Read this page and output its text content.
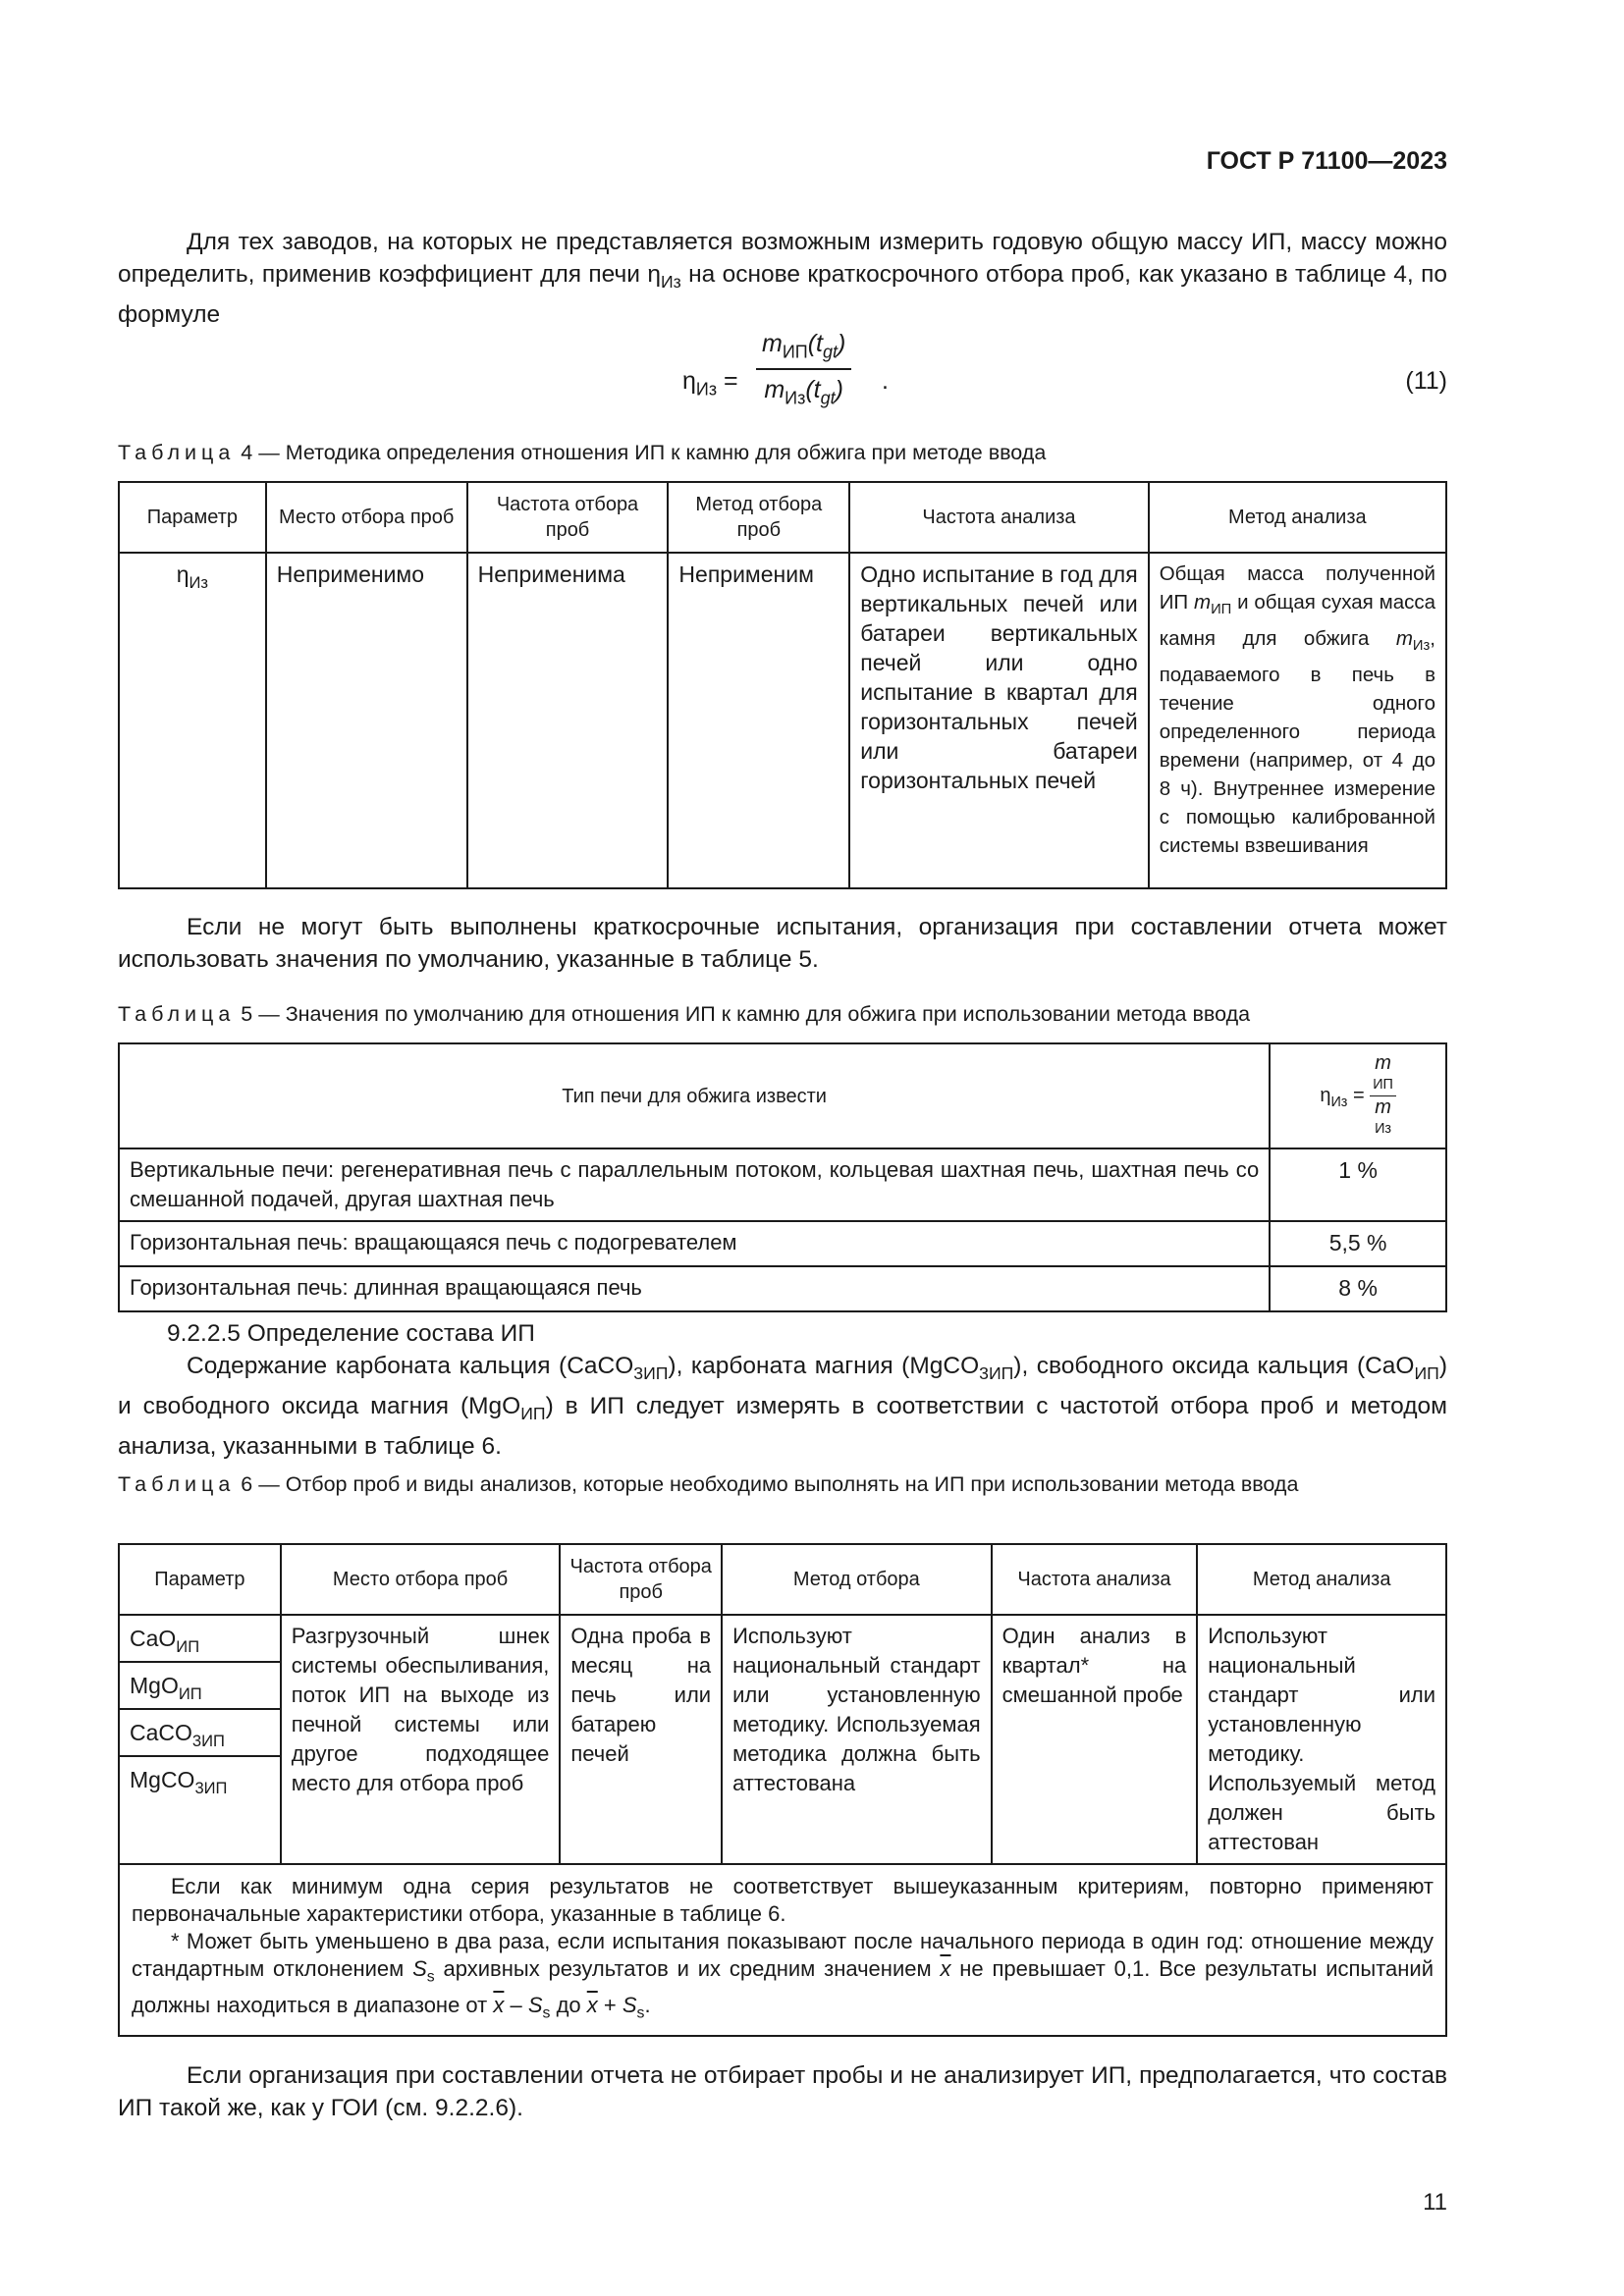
ГОСТ Р 71100—2023

Для тех заводов, на которых не представляется возможным измерить годовую общую массу ИП, массу можно определить, применив коэффициент для печи $\eta_{Из}$ на основе краткосрочного отбора проб, как указано в таблице 4, по формуле

$\eta_{Из}$ =
$m_{ИП}(t_{gt})$
$m_{Из}(t_{gt})$	.	(11)

Таблица 4 — Методика определения отношения ИП к камню для обжига при методе ввода

Параметр	Место отбора проб	Частота отбора проб	Метод отбора проб	Частота анализа	Метод анализа
$\eta_{Из}$	Неприменимо	Неприменима	Неприменим	Одно испытание в год для вертикальных печей или батареи вертикальных печей или одно испытание в квартал для горизонтальных печей или батареи горизонтальных печей	Общая масса полученной ИП $m_{ИП}$ и общая сухая масса камня для обжига $m_{Из}$, подаваемого в печь в течение одного определенного периода времени (например, от 4 до 8 ч). Внутреннее измерение с помощью калиброванной системы взвешивания

Если не могут быть выполнены краткосрочные испытания, организация при составлении отчета может использовать значения по умолчанию, указанные в таблице 5.

Таблица 5 — Значения по умолчанию для отношения ИП к камню для обжига при использовании метода ввода

Тип печи для обжига извести	$\eta_{Из}$ =
m
ИП
m
Из

Вертикальные печи: регенеративная печь с параллельным потоком, кольцевая шахтная печь, шахтная печь со смешанной подачей, другая шахтная печь	1 %
Горизонтальная печь: вращающаяся печь с подогревателем	5,5 %
Горизонтальная печь: длинная вращающаяся печь	8 %

9.2.2.5 Определение состава ИП

Содержание карбоната кальция (CaCO$_{3ИП}$), карбоната магния (MgCO$_{3ИП}$), свободного оксида кальция (CaO$_{ИП}$) и свободного оксида магния (MgO$_{ИП}$) в ИП следует измерять в соответствии с частотой отбора проб и методом анализа, указанными в таблице 6.

Таблица 6 — Отбор проб и виды анализов, которые необходимо выполнять на ИП при использовании метода ввода

Параметр	Место отбора проб	Частота отбора проб	Метод отбора	Частота анализа	Метод анализа

CaO$_{ИП}$
MgO$_{ИП}$
CaCO$_{3ИП}$
MgCO$_{3ИП}$	Разгрузочный шнек системы обеспыливания, поток ИП на выходе из печной системы или другое подходящее место для отбора проб	Одна проба в месяц на печь или батарею печей	Используют национальный стандарт или установленную методику. Используемая методика должна быть аттестована	Один анализ в квартал* на смешанной пробе	Используют национальный стандарт или установленную методику. Используемый метод должен быть аттестован

Если как минимум одна серия результатов не соответствует вышеуказанным критериям, повторно применяют первоначальные характеристики отбора, указанные в таблице 6.

* Может быть уменьшено в два раза, если испытания показывают после начального периода в один год: отношение между стандартным отклонением $S_s$ архивных результатов и их средним значением $\overline{x}$ не превышает 0,1. Все результаты испытаний должны находиться в диапазоне от $\overline{x} - S_s$ до $\overline{x} + S_s$.					

Если организация при составлении отчета не отбирает пробы и не анализирует ИП, предполагается, что состав ИП такой же, как у ГОИ (см. 9.2.2.6).

11
